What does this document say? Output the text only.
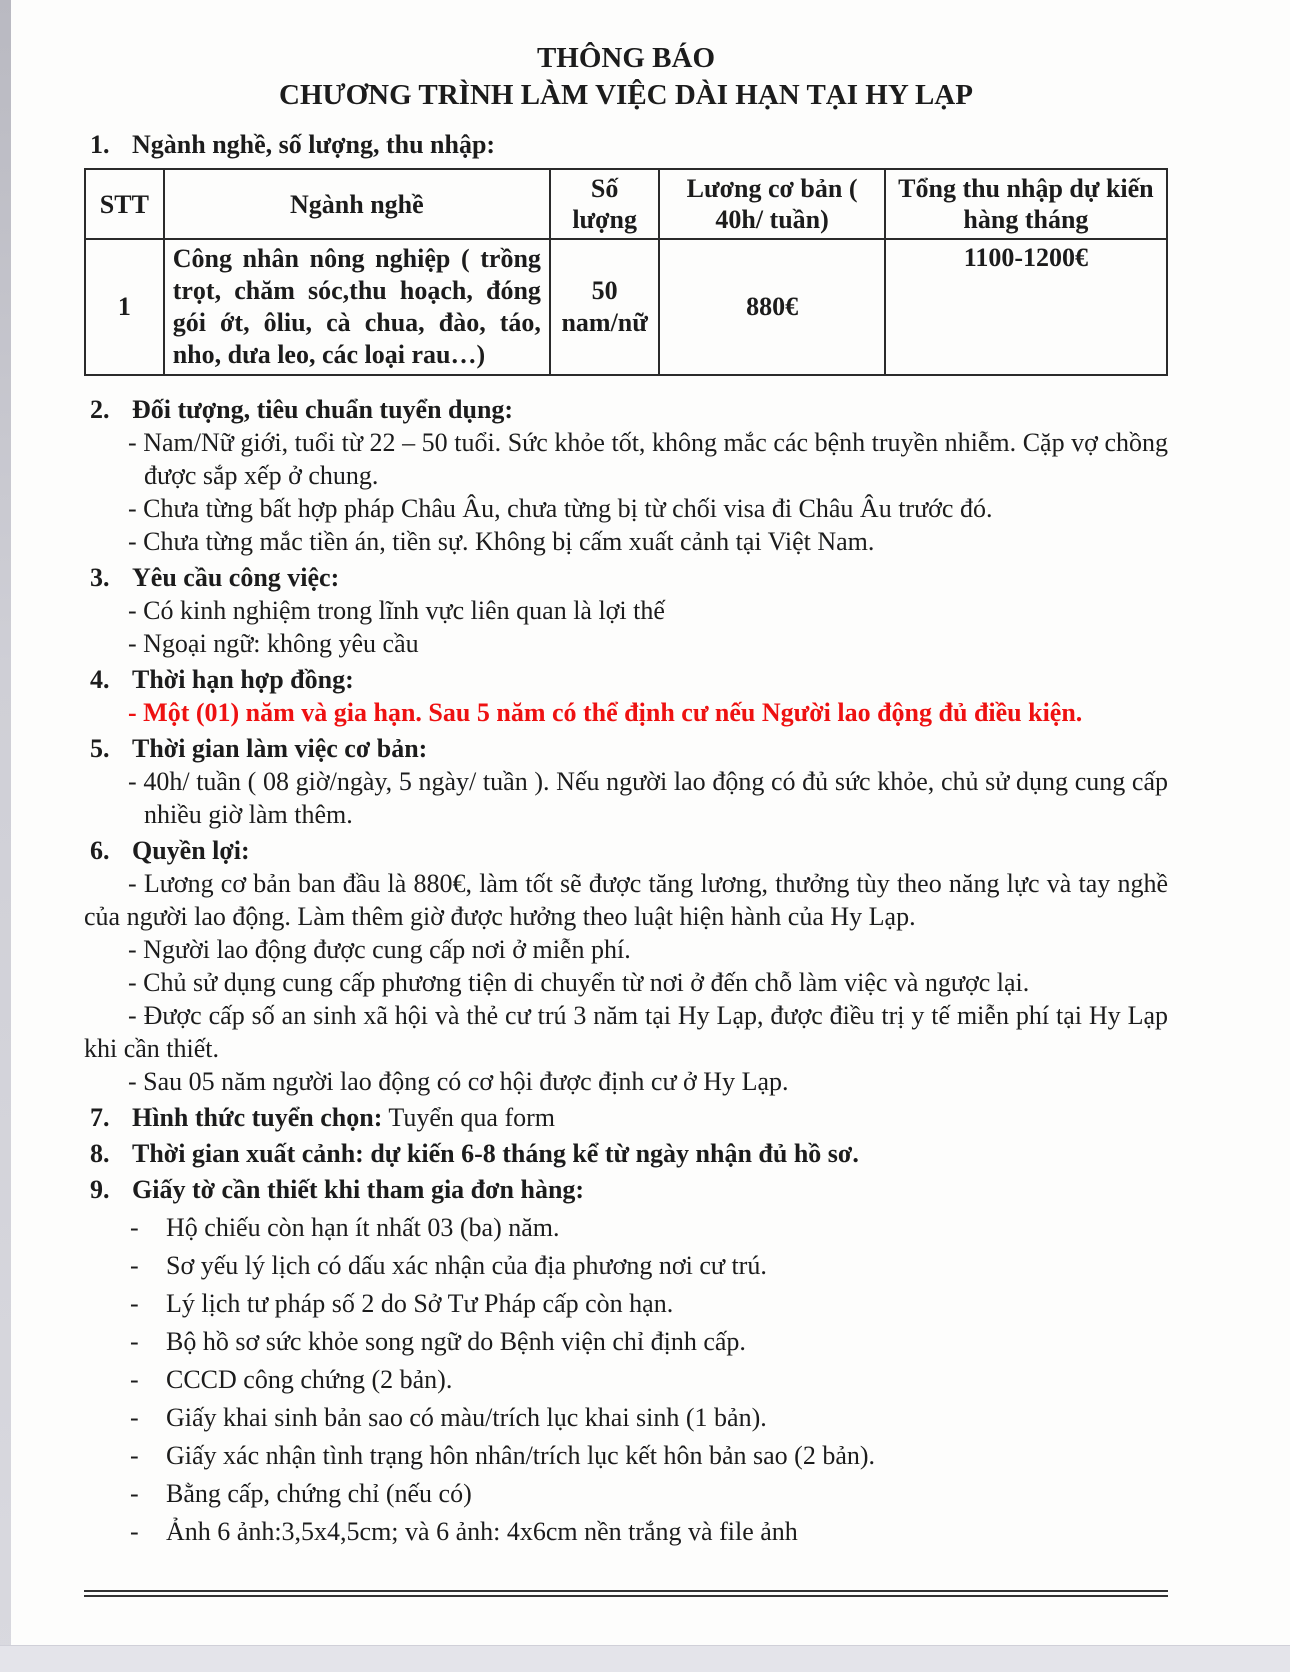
THÔNG BÁO
CHƯƠNG TRÌNH LÀM VIỆC DÀI HẠN TẠI HY LẠP
1. Ngành nghề, số lượng, thu nhập:
STT	Ngành nghề	Số lượng	Lương cơ bản ( 40h/ tuần)	Tổng thu nhập dự kiến hàng tháng
1	Công nhân nông nghiệp ( trồng trọt, chăm sóc,thu hoạch, đóng gói ớt, ôliu, cà chua, đào, táo, nho, dưa leo, các loại rau…)	50 nam/nữ	880€	1100-1200€
2. Đối tượng, tiêu chuẩn tuyển dụng:

- Nam/Nữ giới, tuổi từ 22 – 50 tuổi. Sức khỏe tốt, không mắc các bệnh truyền nhiễm. Cặp vợ chồng được sắp xếp ở chung.

- Chưa từng bất hợp pháp Châu Âu, chưa từng bị từ chối visa đi Châu Âu trước đó.

- Chưa từng mắc tiền án, tiền sự. Không bị cấm xuất cảnh tại Việt Nam.

3. Yêu cầu công việc:

- Có kinh nghiệm trong lĩnh vực liên quan là lợi thế

- Ngoại ngữ: không yêu cầu

4. Thời hạn hợp đồng:

- Một (01) năm và gia hạn. Sau 5 năm có thể định cư nếu Người lao động đủ điều kiện.

5. Thời gian làm việc cơ bản:

- 40h/ tuần ( 08 giờ/ngày, 5 ngày/ tuần ). Nếu người lao động có đủ sức khỏe, chủ sử dụng cung cấp nhiều giờ làm thêm.

6. Quyền lợi:

- Lương cơ bản ban đầu là 880€, làm tốt sẽ được tăng lương, thưởng tùy theo năng lực và tay nghề của người lao động. Làm thêm giờ được hưởng theo luật hiện hành của Hy Lạp.

- Người lao động được cung cấp nơi ở miễn phí.

- Chủ sử dụng cung cấp phương tiện di chuyển từ nơi ở đến chỗ làm việc và ngược lại.

- Được cấp số an sinh xã hội và thẻ cư trú 3 năm tại Hy Lạp, được điều trị y tế miễn phí tại Hy Lạp khi cần thiết.

- Sau 05 năm người lao động có cơ hội được định cư ở Hy Lạp.

7. Hình thức tuyển chọn: Tuyển qua form
8. Thời gian xuất cảnh: dự kiến 6-8 tháng kể từ ngày nhận đủ hồ sơ.
9. Giấy tờ cần thiết khi tham gia đơn hàng:
-	Hộ chiếu còn hạn ít nhất 03 (ba) năm.
-	Sơ yếu lý lịch có dấu xác nhận của địa phương nơi cư trú.
-	Lý lịch tư pháp số 2 do Sở Tư Pháp cấp còn hạn.
-	Bộ hồ sơ sức khỏe song ngữ do Bệnh viện chỉ định cấp.
-	CCCD công chứng (2 bản).
-	Giấy khai sinh bản sao có màu/trích lục khai sinh (1 bản).
-	Giấy xác nhận tình trạng hôn nhân/trích lục kết hôn bản sao (2 bản).
-	Bằng cấp, chứng chỉ (nếu có)
-	Ảnh 6 ảnh:3,5x4,5cm; và 6 ảnh: 4x6cm nền trắng và file ảnh
